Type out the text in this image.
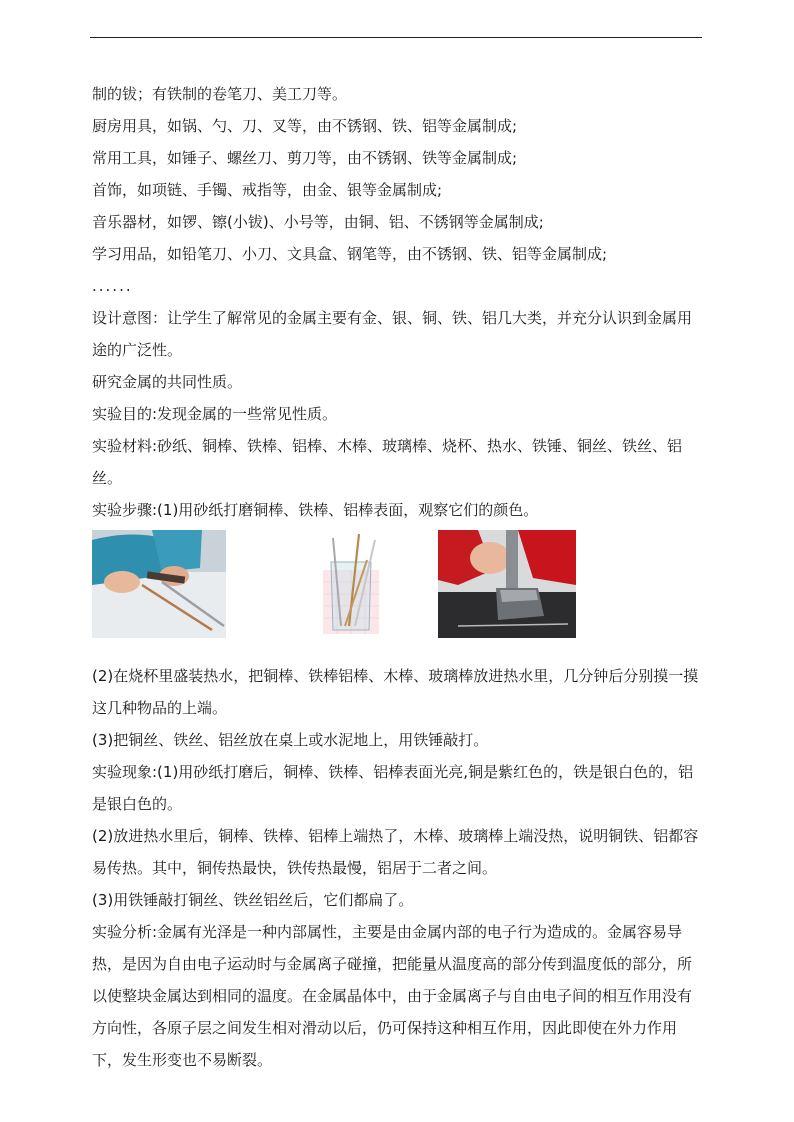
制的钹；有铁制的卷笔刀、美工刀等。

厨房用具，如锅、勺、刀、叉等，由不锈钢、铁、铝等金属制成;

常用工具，如锤子、螺丝刀、剪刀等，由不锈钢、铁等金属制成;

首饰，如项链、手镯、戒指等，由金、银等金属制成;

音乐器材，如锣、镲(小钹)、小号等，由铜、铝、不锈钢等金属制成;

学习用品，如铅笔刀、小刀、文具盒、钢笔等，由不锈钢、铁、铝等金属制成;

......

设计意图：让学生了解常见的金属主要有金、银、铜、铁、铝几大类，并充分认识到金属用途的广泛性。

研究金属的共同性质。

实验目的:发现金属的一些常见性质。

实验材料:砂纸、铜棒、铁棒、铝棒、木棒、玻璃棒、烧杯、热水、铁锤、铜丝、铁丝、铝丝。

实验步骤:(1)用砂纸打磨铜棒、铁棒、铝棒表面，观察它们的颜色。

(2)在烧杯里盛装热水，把铜棒、铁棒铝棒、木棒、玻璃棒放进热水里，几分钟后分别摸一摸这几种物品的上端。

(3)把铜丝、铁丝、铝丝放在桌上或水泥地上，用铁锤敲打。

实验现象:(1)用砂纸打磨后，铜棒、铁棒、铝棒表面光亮,铜是紫红色的，铁是银白色的，铝是银白色的。

(2)放进热水里后，铜棒、铁棒、铝棒上端热了，木棒、玻璃棒上端没热，说明铜铁、铝都容易传热。其中，铜传热最快，铁传热最慢，铝居于二者之间。

(3)用铁锤敲打铜丝、铁丝铝丝后，它们都扁了。

实验分析:金属有光泽是一种内部属性，主要是由金属内部的电子行为造成的。金属容易导热，是因为自由电子运动时与金属离子碰撞，把能量从温度高的部分传到温度低的部分，所以使整块金属达到相同的温度。在金属晶体中，由于金属离子与自由电子间的相互作用没有方向性，各原子层之间发生相对滑动以后，仍可保持这种相互作用，因此即使在外力作用下，发生形变也不易断裂。
